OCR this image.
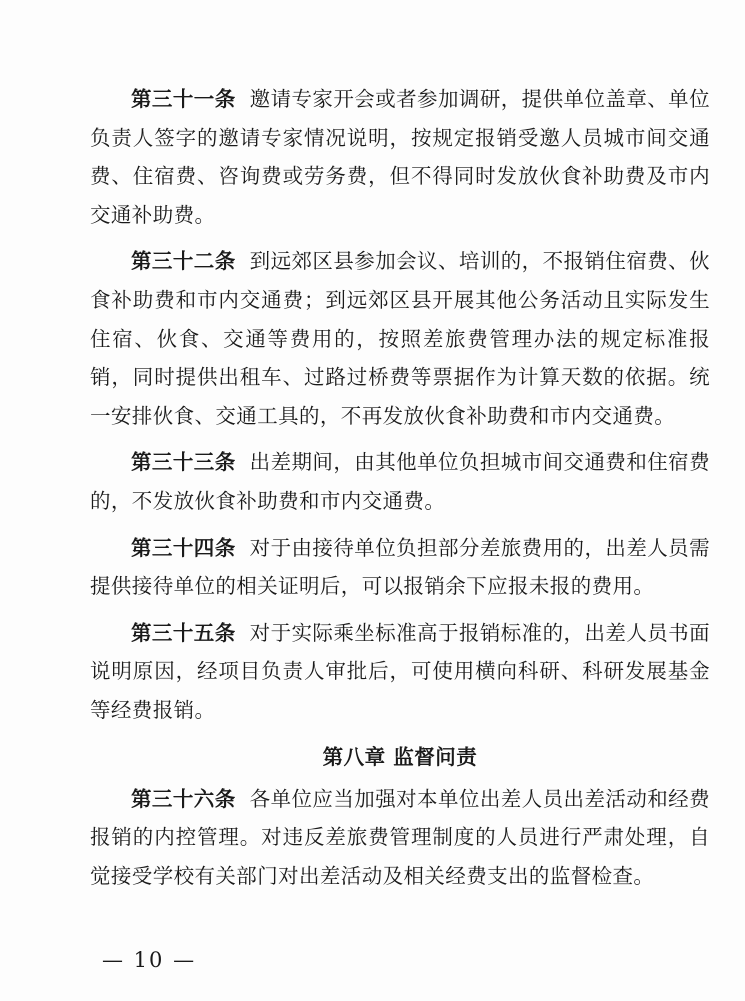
第三十一条 邀请专家开会或者参加调研，提供单位盖章、单位负责人签字的邀请专家情况说明，按规定报销受邀人员城市间交通费、住宿费、咨询费或劳务费，但不得同时发放伙食补助费及市内交通补助费。

第三十二条 到远郊区县参加会议、培训的，不报销住宿费、伙食补助费和市内交通费；到远郊区县开展其他公务活动且实际发生住宿、伙食、交通等费用的，按照差旅费管理办法的规定标准报销，同时提供出租车、过路过桥费等票据作为计算天数的依据。统一安排伙食、交通工具的，不再发放伙食补助费和市内交通费。

第三十三条 出差期间，由其他单位负担城市间交通费和住宿费的，不发放伙食补助费和市内交通费。

第三十四条 对于由接待单位负担部分差旅费用的，出差人员需提供接待单位的相关证明后，可以报销余下应报未报的费用。

第三十五条 对于实际乘坐标准高于报销标准的，出差人员书面说明原因，经项目负责人审批后，可使用横向科研、科研发展基金等经费报销。

第八章 监督问责

第三十六条 各单位应当加强对本单位出差人员出差活动和经费报销的内控管理。对违反差旅费管理制度的人员进行严肃处理，自觉接受学校有关部门对出差活动及相关经费支出的监督检查。

— 10 —
